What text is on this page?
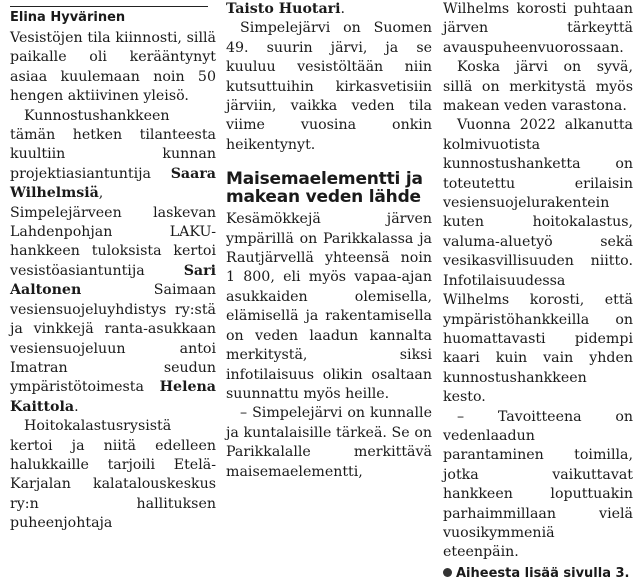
Elina Hyvärinen

Vesistöjen tila kiinnosti, sillä paikalle oli kerääntynyt asiaa kuulemaan noin 50 hengen aktiivinen yleisö.

Kunnostushankkeen tämän hetken tilanteesta kuultiin kunnan projektiasiantuntija Saara Wilhelmsiä, Simpelejärveen laskevan Lahdenpohjan LAKU-hankkeen tuloksista kertoi vesistöasiantuntija Sari Aaltonen Saimaan vesiensuojeluyhdistys ry:stä ja vinkkejä ranta-asukkaan vesiensuojeluun antoi Imatran seudun ympäristötoimesta Helena Kaittola.

Hoitokalastusrysistä kertoi ja niitä edelleen halukkaille tarjoili Etelä-Karjalan kalatalouskeskus ry:n hallituksen puheenjohtaja

Taisto Huotari.

Simpelejärvi on Suomen 49. suurin järvi, ja se kuuluu vesistöltään niin kutsuttuihin kirkasvetisiin järviin, vaikka veden tila viime vuosina onkin heikentynyt.

Maisemaelementti ja makean veden lähde

Kesämökkejä järven ympärillä on Parikkalassa ja Rautjärvellä yhteensä noin 1 800, eli myös vapaa-ajan asukkaiden olemisella, elämisellä ja rakentamisella on veden laadun kannalta merkitystä, siksi infotilaisuus olikin osaltaan suunnattu myös heille.

– Simpelejärvi on kunnalle ja kuntalaisille tärkeä. Se on Parikkalalle merkittävä maisemaelementti,

Wilhelms korosti puhtaan järven tärkeyttä avauspuheenvuorossaan.

Koska järvi on syvä, sillä on merkitystä myös makean veden varastona.

Vuonna 2022 alkanutta kolmivuotista kunnostushanketta on toteutettu erilaisin vesiensuojelurakentein kuten hoitokalastus, valuma-aluetyö sekä vesikasvillisuuden niitto. Infotilaisuudessa Wilhelms korosti, että ympäristöhankkeilla on huomattavasti pidempi kaari kuin vain yhden kunnostushankkeen kesto.

– Tavoitteena on vedenlaadun parantaminen toimilla, jotka vaikuttavat hankkeen loputtuakin parhaimmillaan vielä vuosikymmeniä eteenpäin.

Aiheesta lisää sivulla 3.
